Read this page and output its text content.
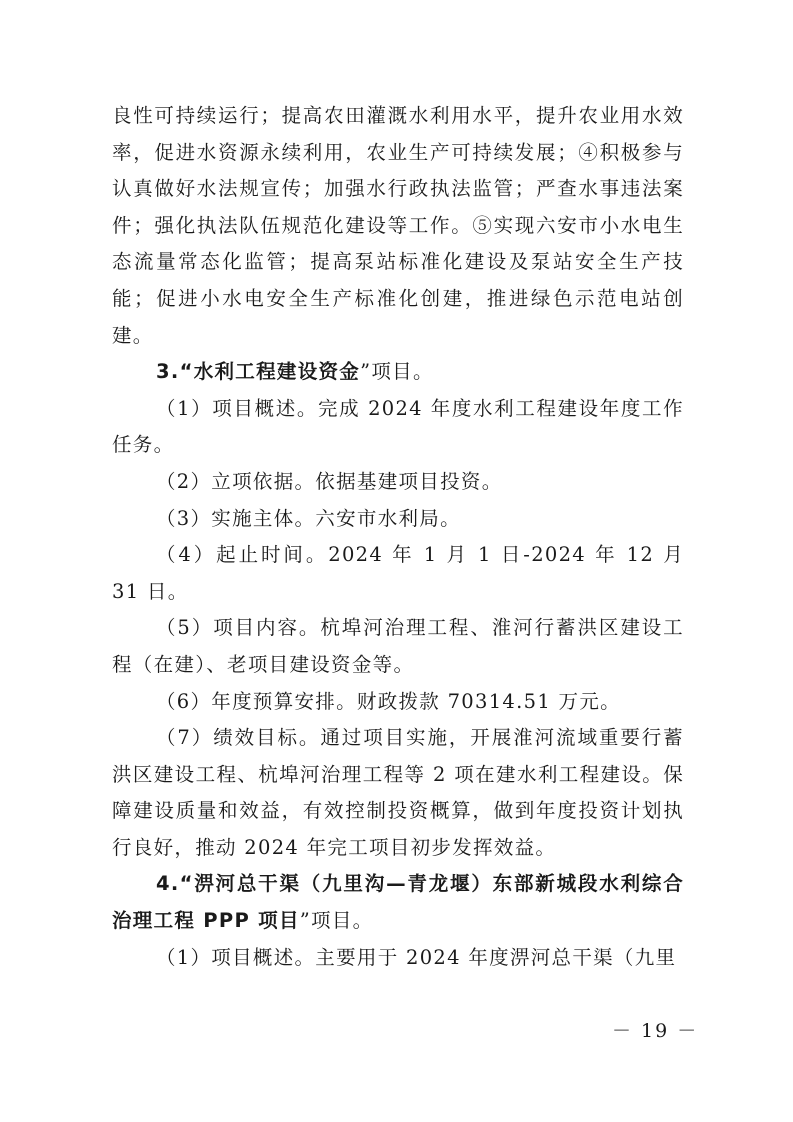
良性可持续运行；提高农田灌溉水利用水平，提升农业用水效率，促进水资源永续利用，农业生产可持续发展；④积极参与认真做好水法规宣传；加强水行政执法监管；严查水事违法案件；强化执法队伍规范化建设等工作。⑤实现六安市小水电生态流量常态化监管；提高泵站标准化建设及泵站安全生产技能；促进小水电安全生产标准化创建，推进绿色示范电站创建。

3.“水利工程建设资金”项目。

（1）项目概述。完成 2024 年度水利工程建设年度工作任务。

（2）立项依据。依据基建项目投资。

（3）实施主体。六安市水利局。

（4）起止时间。2024 年 1 月 1 日-2024 年 12 月 31 日。

（5）项目内容。杭埠河治理工程、淮河行蓄洪区建设工程（在建）、老项目建设资金等。

（6）年度预算安排。财政拨款 70314.51 万元。

（7）绩效目标。通过项目实施，开展淮河流域重要行蓄洪区建设工程、杭埠河治理工程等 2 项在建水利工程建设。保障建设质量和效益，有效控制投资概算，做到年度投资计划执行良好，推动 2024 年完工项目初步发挥效益。

4.“淠河总干渠（九里沟—青龙堰）东部新城段水利综合治理工程 PPP 项目”项目。

（1）项目概述。主要用于 2024 年度淠河总干渠（九里

－ 19 －
